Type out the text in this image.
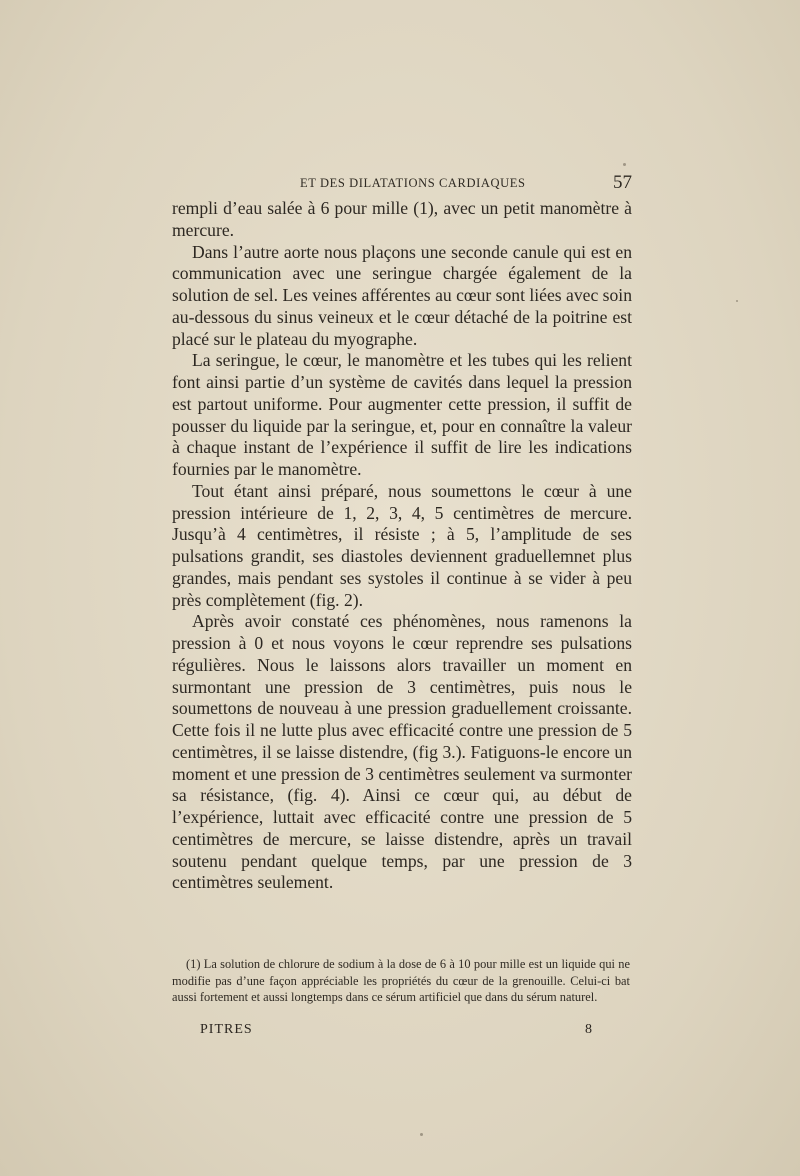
ET DES DILATATIONS CARDIAQUES	57

rempli d’eau salée à 6 pour mille (1), avec un petit manomètre à mercure.

Dans l’autre aorte nous plaçons une seconde canule qui est en communication avec une seringue chargée également de la solution de sel. Les veines afférentes au cœur sont liées avec soin au-dessous du sinus veineux et le cœur détaché de la poitrine est placé sur le plateau du myographe.

La seringue, le cœur, le manomètre et les tubes qui les relient font ainsi partie d’un système de cavités dans lequel la pression est partout uniforme. Pour augmenter cette pression, il suffit de pousser du liquide par la seringue, et, pour en connaître la valeur à chaque instant de l’expérience il suffit de lire les indications fournies par le manomètre.

Tout étant ainsi préparé, nous soumettons le cœur à une pression intérieure de 1, 2, 3, 4, 5 centimètres de mercure. Jusqu’à 4 centimètres, il résiste ; à 5, l’amplitude de ses pulsations grandit, ses diastoles deviennent graduellemnet plus grandes, mais pendant ses systoles il continue à se vider à peu près complètement (fig. 2).

Après avoir constaté ces phénomènes, nous ramenons la pression à 0 et nous voyons le cœur reprendre ses pulsations régulières. Nous le laissons alors travailler un moment en surmontant une pression de 3 centimètres, puis nous le soumettons de nouveau à une pression graduellement croissante. Cette fois il ne lutte plus avec efficacité contre une pression de 5 centimètres, il se laisse distendre, (fig 3.). Fatiguons-le encore un moment et une pression de 3 centimètres seulement va surmonter sa résistance, (fig. 4). Ainsi ce cœur qui, au début de l’expérience, luttait avec efficacité contre une pression de 5 centimètres de mercure, se laisse distendre, après un travail soutenu pendant quelque temps, par une pression de 3 centimètres seulement.

(1) La solution de chlorure de sodium à la dose de 6 à 10 pour mille est un liquide qui ne modifie pas d’une façon appréciable les propriétés du cœur de la grenouille. Celui-ci bat aussi fortement et aussi longtemps dans ce sérum artificiel que dans du sérum naturel.

PITRES	8
